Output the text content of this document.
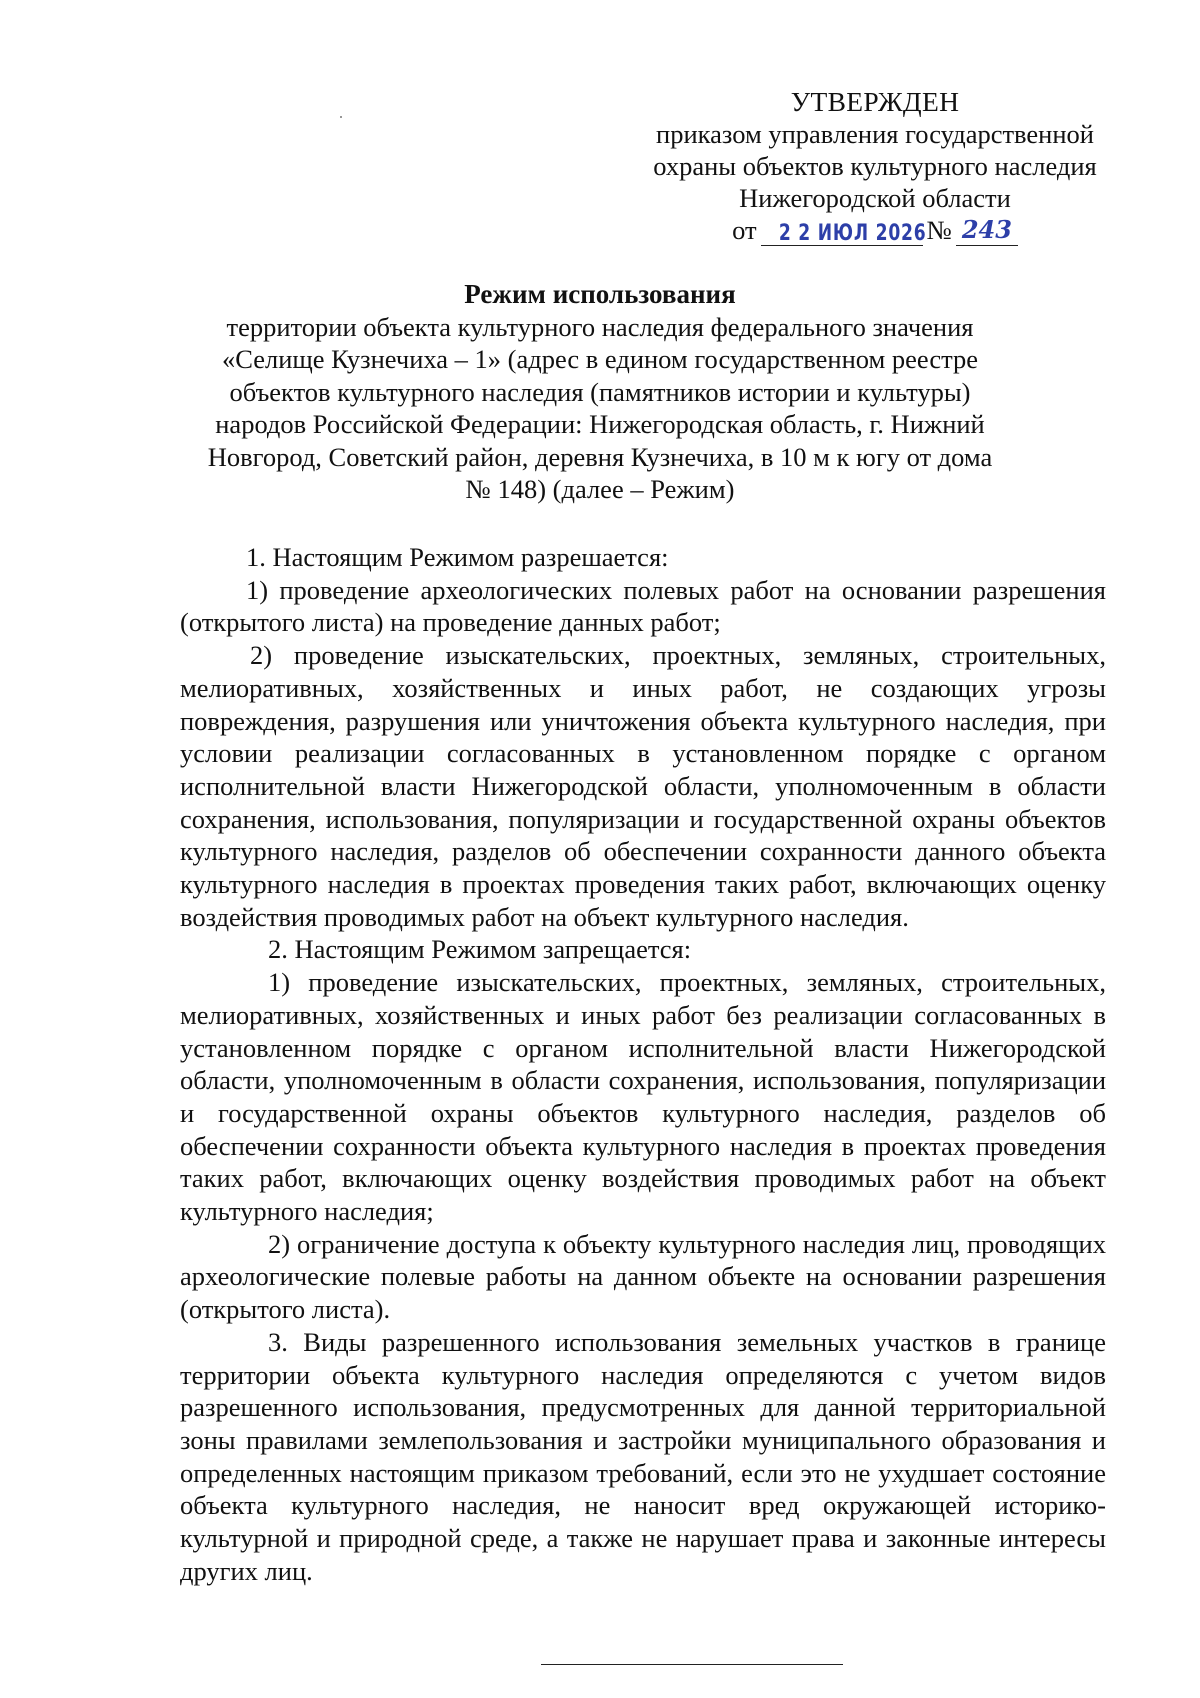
УТВЕРЖДЕН
приказом управления государственной
охраны объектов культурного наследия
Нижегородской области
от 2 2 ИЮЛ 2026 № 243
Режим использования
территории объекта культурного наследия федерального значения
«Селище Кузнечиха – 1» (адрес в едином государственном реестре
объектов культурного наследия (памятников истории и культуры)
народов Российской Федерации: Нижегородская область, г. Нижний
Новгород, Советский район, деревня Кузнечиха, в 10 м к югу от дома
№ 148) (далее – Режим)

1. Настоящим Режимом разрешается:

1) проведение археологических полевых работ на основании разрешения (открытого листа) на проведение данных работ;

2) проведение изыскательских, проектных, земляных, строительных, мелиоративных, хозяйственных и иных работ, не создающих угрозы повреждения, разрушения или уничтожения объекта культурного наследия, при условии реализации согласованных в установленном порядке с органом исполнительной власти Нижегородской области, уполномоченным в области сохранения, использования, популяризации и государственной охраны объектов культурного наследия, разделов об обеспечении сохранности данного объекта культурного наследия в проектах проведения таких работ, включающих оценку воздействия проводимых работ на объект культурного наследия.

2. Настоящим Режимом запрещается:

1) проведение изыскательских, проектных, земляных, строительных, мелиоративных, хозяйственных и иных работ без реализации согласованных в установленном порядке с органом исполнительной власти Нижегородской области, уполномоченным в области сохранения, использования, популяризации и государственной охраны объектов культурного наследия, разделов об обеспечении сохранности объекта культурного наследия в проектах проведения таких работ, включающих оценку воздействия проводимых работ на объект культурного наследия;

2) ограничение доступа к объекту культурного наследия лиц, проводящих археологические полевые работы на данном объекте на основании разрешения (открытого листа).

3. Виды разрешенного использования земельных участков в границе территории объекта культурного наследия определяются с учетом видов разрешенного использования, предусмотренных для данной территориальной зоны правилами землепользования и застройки муниципального образования и определенных настоящим приказом требований, если это не ухудшает состояние объекта культурного наследия, не наносит вред окружающей историко-культурной и природной среде, а также не нарушает права и законные интересы других лиц.
